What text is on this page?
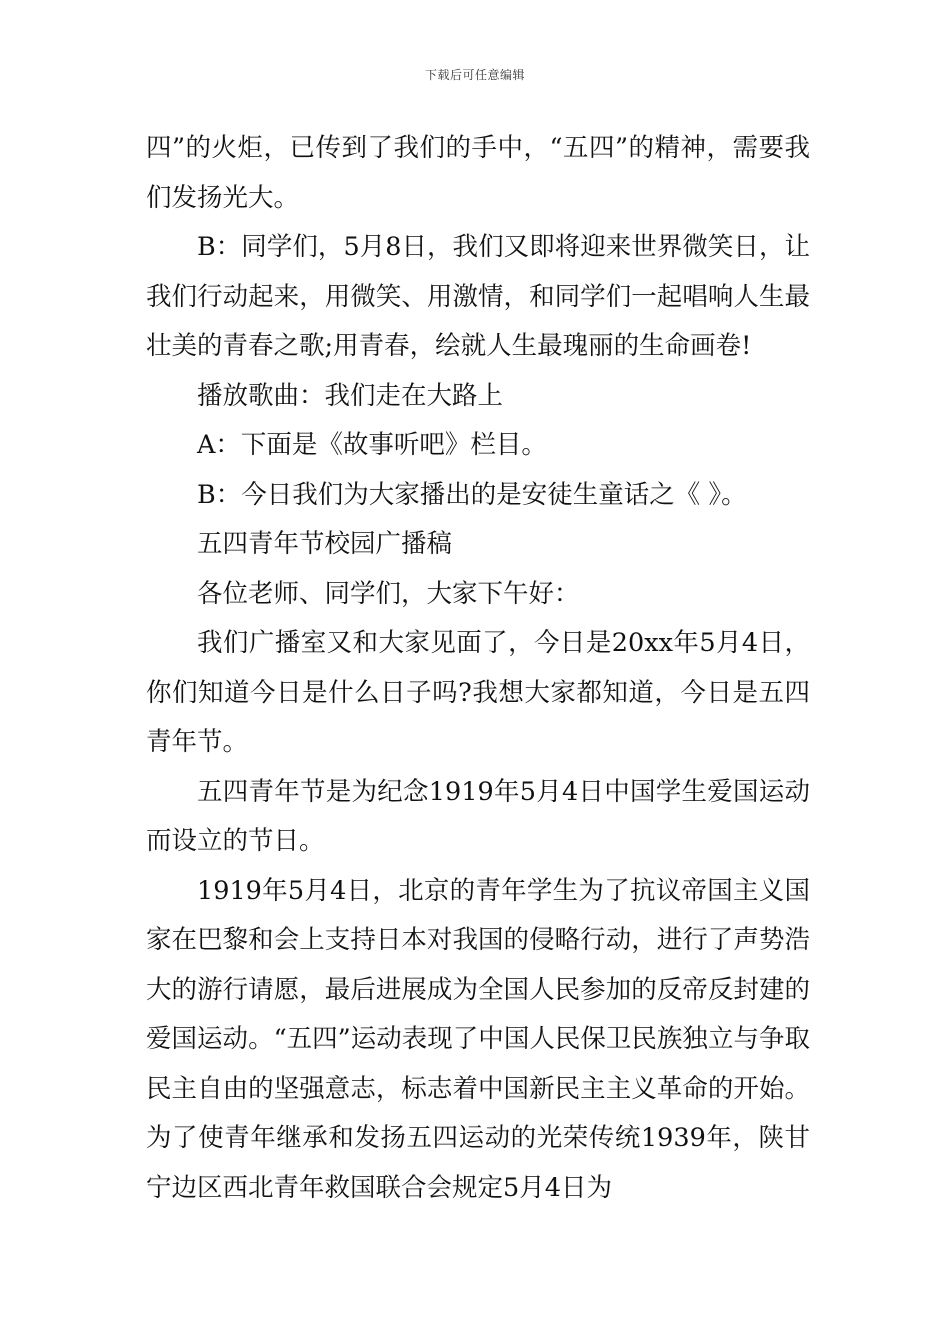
下载后可任意编辑

四”的火炬，已传到了我们的手中，“五四”的精神，需要我们发扬光大。

B：同学们，5月8日，我们又即将迎来世界微笑日，让我们行动起来，用微笑、用激情，和同学们一起唱响人生最壮美的青春之歌;用青春，绘就人生最瑰丽的生命画卷!

播放歌曲：我们走在大路上

A：下面是《故事听吧》栏目。

B：今日我们为大家播出的是安徒生童话之《 》。

五四青年节校园广播稿

各位老师、同学们，大家下午好：

我们广播室又和大家见面了，今日是20xx年5月4日，你们知道今日是什么日子吗?我想大家都知道，今日是五四青年节。

五四青年节是为纪念1919年5月4日中国学生爱国运动而设立的节日。

1919年5月4日，北京的青年学生为了抗议帝国主义国家在巴黎和会上支持日本对我国的侵略行动，进行了声势浩大的游行请愿，最后进展成为全国人民参加的反帝反封建的爱国运动。“五四”运动表现了中国人民保卫民族独立与争取民主自由的坚强意志，标志着中国新民主主义革命的开始。为了使青年继承和发扬五四运动的光荣传统1939年，陕甘宁边区西北青年救国联合会规定5月4日为
